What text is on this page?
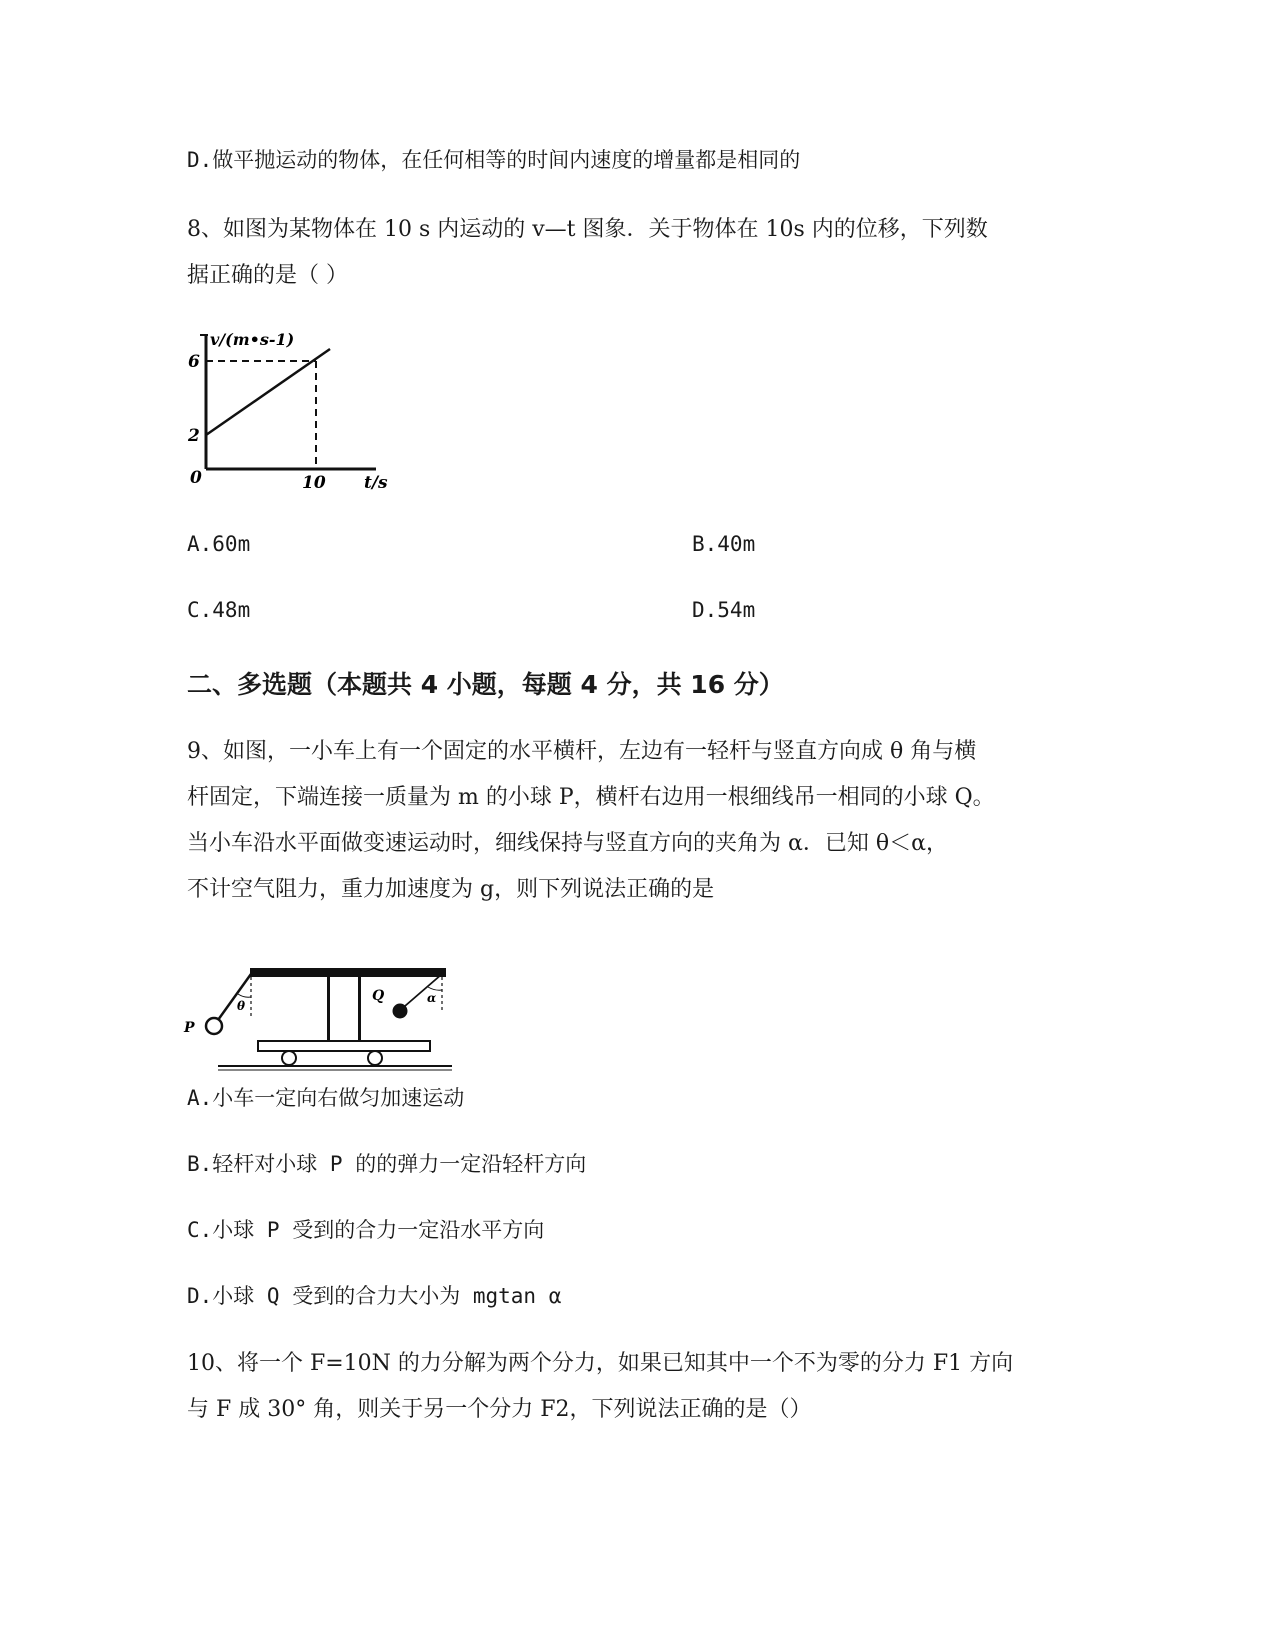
D.做平抛运动的物体，在任何相等的时间内速度的增量都是相同的
8、如图为某物体在 10 s 内运动的 v—t 图象．关于物体在 10s 内的位移，下列数
据正确的是（ ）
v/(m•s-1)
6
2
0	10 t/s
A.60m	B.40m
C.48m	D.54m
二、多选题（本题共 4 小题，每题 4 分，共 16 分）
9、如图，一小车上有一个固定的水平横杆，左边有一轻杆与竖直方向成 θ 角与横
杆固定，下端连接一质量为 m 的小球 P，横杆右边用一根细线吊一相同的小球 Q。
当小车沿水平面做变速运动时，细线保持与竖直方向的夹角为 α．已知 θ＜α，
不计空气阻力，重力加速度为 g，则下列说法正确的是
P
Q
θ
α
A.小车一定向右做匀加速运动
B.轻杆对小球 P 的的弹力一定沿轻杆方向
C.小球 P 受到的合力一定沿水平方向
D.小球 Q 受到的合力大小为 mgtan α
10、将一个 F=10N 的力分解为两个分力，如果已知其中一个不为零的分力 F1 方向
与 F 成 30° 角，则关于另一个分力 F2，下列说法正确的是（）
